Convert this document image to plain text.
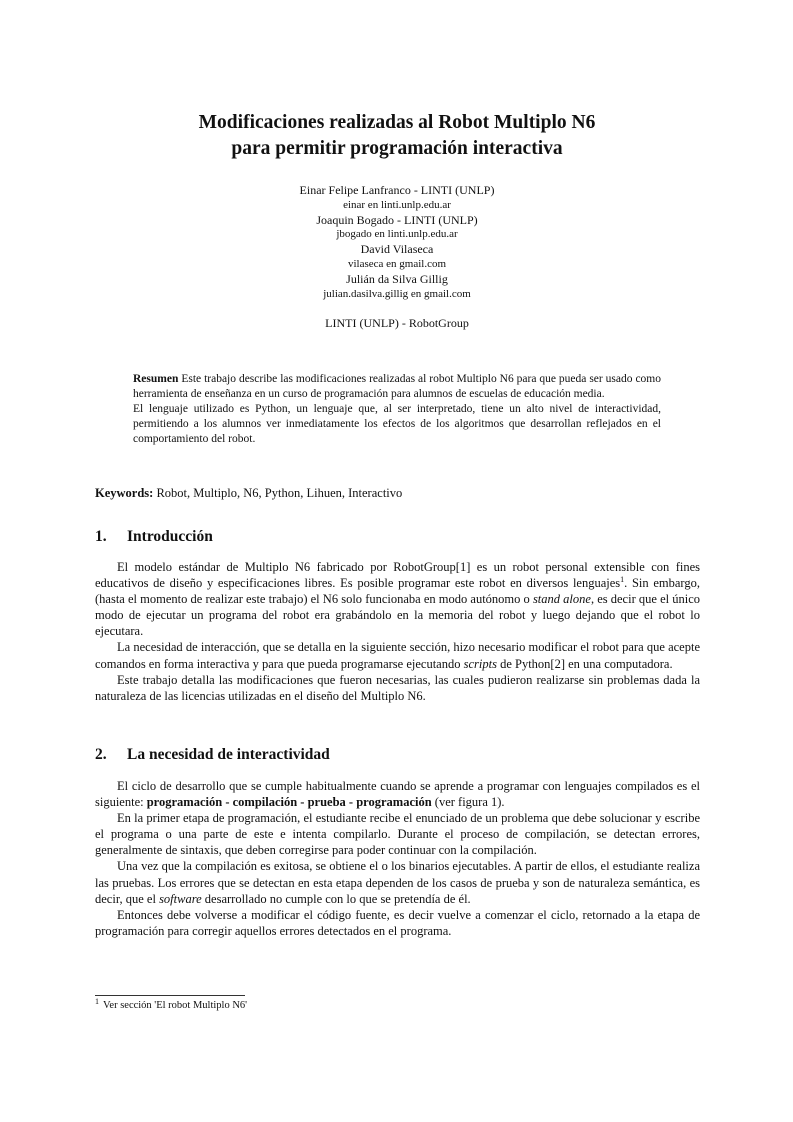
Modificaciones realizadas al Robot Multiplo N6
para permitir programación interactiva
Einar Felipe Lanfranco - LINTI (UNLP)
einar en linti.unlp.edu.ar
Joaquin Bogado - LINTI (UNLP)
jbogado en linti.unlp.edu.ar
David Vilaseca
vilaseca en gmail.com
Julián da Silva Gillig
julian.dasilva.gillig en gmail.com
LINTI (UNLP) - RobotGroup

Resumen Este trabajo describe las modificaciones realizadas al robot Multiplo N6 para que pueda ser usado como herramienta de enseñanza en un curso de programación para alumnos de escuelas de educación media.

El lenguaje utilizado es Python, un lenguaje que, al ser interpretado, tiene un alto nivel de interactividad, permitiendo a los alumnos ver inmediatamente los efectos de los algoritmos que desarrollan reflejados en el comportamiento del robot.

Keywords: Robot, Multiplo, N6, Python, Lihuen, Interactivo
1. Introducción

El modelo estándar de Multiplo N6 fabricado por RobotGroup[1] es un robot personal extensible con fines educativos de diseño y especificaciones libres. Es posible programar este robot en diversos lenguajes$^1$. Sin embargo, (hasta el momento de realizar este trabajo) el N6 solo funcionaba en modo autónomo o stand alone, es decir que el único modo de ejecutar un programa del robot era grabándolo en la memoria del robot y luego dejando que el robot lo ejecutara.

La necesidad de interacción, que se detalla en la siguiente sección, hizo necesario modificar el robot para que acepte comandos en forma interactiva y para que pueda programarse ejecutando scripts de Python[2] en una computadora.

Este trabajo detalla las modificaciones que fueron necesarias, las cuales pudieron realizarse sin problemas dada la naturaleza de las licencias utilizadas en el diseño del Multiplo N6.

2. La necesidad de interactividad

El ciclo de desarrollo que se cumple habitualmente cuando se aprende a programar con lenguajes compilados es el siguiente: programación - compilación - prueba - programación (ver figura 1).

En la primer etapa de programación, el estudiante recibe el enunciado de un problema que debe solucionar y escribe el programa o una parte de este e intenta compilarlo. Durante el proceso de compilación, se detectan errores, generalmente de sintaxis, que deben corregirse para poder continuar con la compilación.

Una vez que la compilación es exitosa, se obtiene el o los binarios ejecutables. A partir de ellos, el estudiante realiza las pruebas. Los errores que se detectan en esta etapa dependen de los casos de prueba y son de naturaleza semántica, es decir, que el software desarrollado no cumple con lo que se pretendía de él.

Entonces debe volverse a modificar el código fuente, es decir vuelve a comenzar el ciclo, retornado a la etapa de programación para corregir aquellos errores detectados en el programa.

$^1$ Ver sección 'El robot Multiplo N6'
